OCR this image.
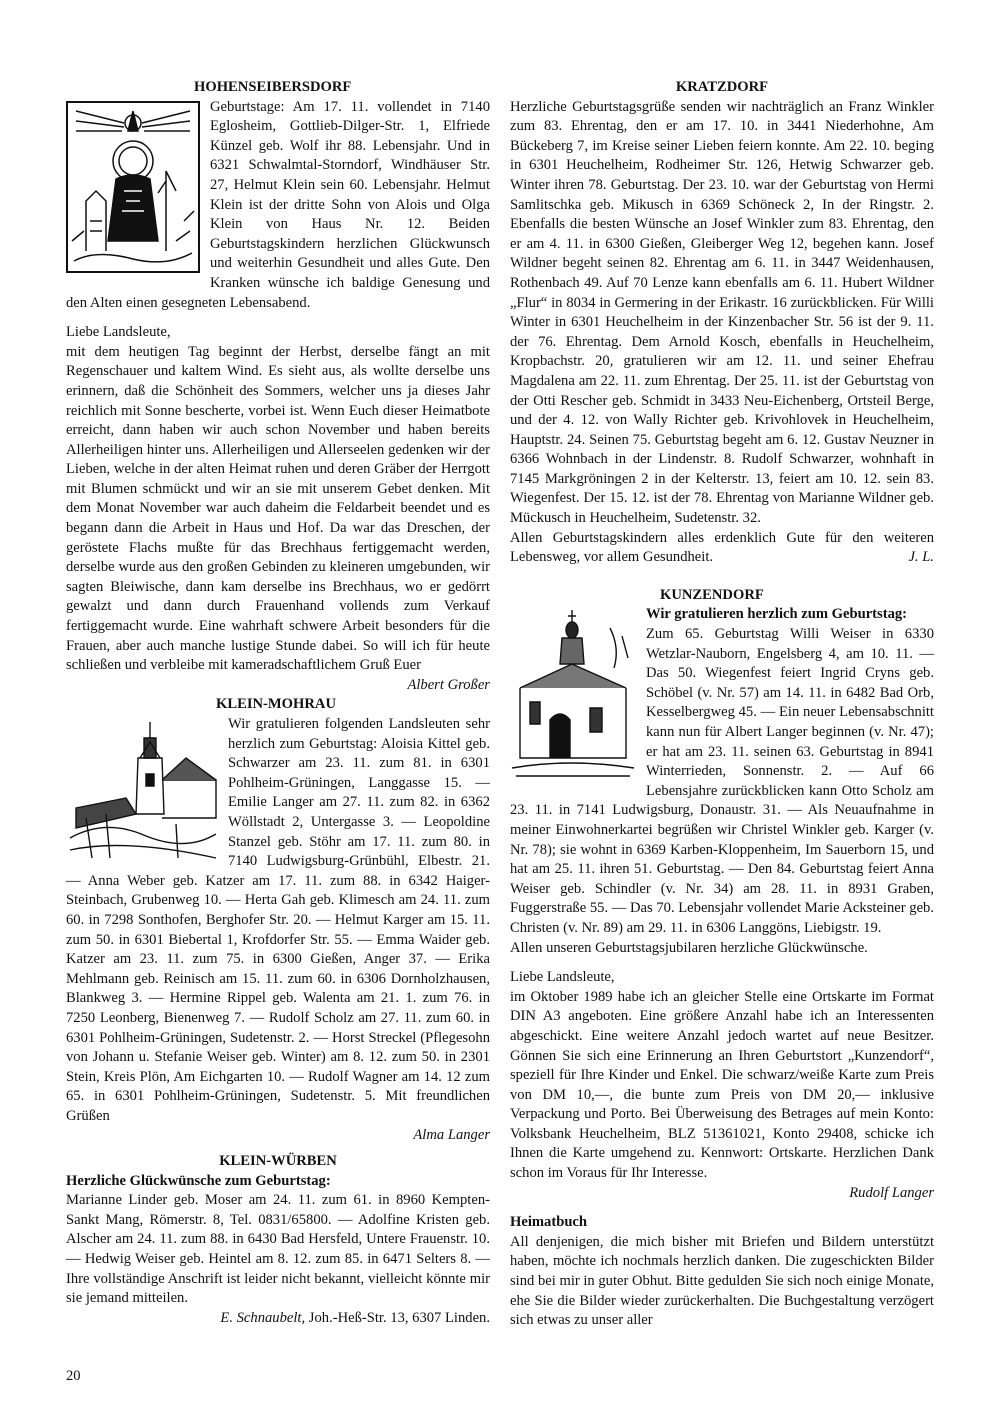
HOHENSEIBERSDORF

Geburtstage: Am 17. 11. vollendet in 7140 Eglosheim, Gottlieb-Dilger-Str. 1, Elfriede Künzel geb. Wolf ihr 88. Lebensjahr. Und in 6321 Schwalmtal-Storndorf, Windhäuser Str. 27, Helmut Klein sein 60. Lebensjahr. Helmut Klein ist der dritte Sohn von Alois und Olga Klein von Haus Nr. 12. Beiden Geburtstagskindern herzlichen Glückwunsch und weiterhin Gesundheit und alles Gute. Den Kranken wünsche ich baldige Genesung und den Alten einen gesegneten Lebensabend.

Liebe Landsleute,

mit dem heutigen Tag beginnt der Herbst, derselbe fängt an mit Regenschauer und kaltem Wind. Es sieht aus, als wollte derselbe uns erinnern, daß die Schönheit des Sommers, welcher uns ja dieses Jahr reichlich mit Sonne bescherte, vorbei ist. Wenn Euch dieser Heimatbote erreicht, dann haben wir auch schon November und haben bereits Allerheiligen hinter uns. Allerheiligen und Allerseelen gedenken wir der Lieben, welche in der alten Heimat ruhen und deren Gräber der Herrgott mit Blumen schmückt und wir an sie mit unserem Gebet denken. Mit dem Monat November war auch daheim die Feldarbeit beendet und es begann dann die Arbeit in Haus und Hof. Da war das Dreschen, der geröstete Flachs mußte für das Brechhaus fertiggemacht werden, derselbe wurde aus den großen Gebinden zu kleineren umgebunden, wir sagten Bleiwische, dann kam derselbe ins Brechhaus, wo er gedörrt gewalzt und dann durch Frauenhand vollends zum Verkauf fertiggemacht wurde. Eine wahrhaft schwere Arbeit besonders für die Frauen, aber auch manche lustige Stunde dabei. So will ich für heute schließen und verbleibe mit kameradschaftlichem Gruß Euer

Albert Großer

KLEIN-MOHRAU

Wir gratulieren folgenden Landsleuten sehr herzlich zum Geburtstag: Aloisia Kittel geb. Schwarzer am 23. 11. zum 81. in 6301 Pohlheim-Grüningen, Langgasse 15. — Emilie Langer am 27. 11. zum 82. in 6362 Wöllstadt 2, Untergasse 3. — Leopoldine Stanzel geb. Stöhr am 17. 11. zum 80. in 7140 Ludwigsburg-Grünbühl, Elbestr. 21. — Anna Weber geb. Katzer am 17. 11. zum 88. in 6342 Haiger-Steinbach, Grubenweg 10. — Herta Gah geb. Klimesch am 24. 11. zum 60. in 7298 Sonthofen, Berghofer Str. 20. — Helmut Karger am 15. 11. zum 50. in 6301 Biebertal 1, Krofdorfer Str. 55. — Emma Waider geb. Katzer am 23. 11. zum 75. in 6300 Gießen, Anger 37. — Erika Mehlmann geb. Reinisch am 15. 11. zum 60. in 6306 Dornholzhausen, Blankweg 3. — Hermine Rippel geb. Walenta am 21. 1. zum 76. in 7250 Leonberg, Bienenweg 7. — Rudolf Scholz am 27. 11. zum 60. in 6301 Pohlheim-Grüningen, Sudetenstr. 2. — Horst Streckel (Pflegesohn von Johann u. Stefanie Weiser geb. Winter) am 8. 12. zum 50. in 2301 Stein, Kreis Plön, Am Eichgarten 10. — Rudolf Wagner am 14. 12 zum 65. in 6301 Pohlheim-Grüningen, Sudetenstr. 5. Mit freundlichen Grüßen

Alma Langer

KLEIN-WÜRBEN
Herzliche Glückwünsche zum Geburtstag:

Marianne Linder geb. Moser am 24. 11. zum 61. in 8960 Kempten-Sankt Mang, Römerstr. 8, Tel. 0831/65800. — Adolfine Kristen geb. Alscher am 24. 11. zum 88. in 6430 Bad Hersfeld, Untere Frauenstr. 10. — Hedwig Weiser geb. Heintel am 8. 12. zum 85. in 6471 Selters 8. — Ihre vollständige Anschrift ist leider nicht bekannt, vielleicht könnte mir sie jemand mitteilen.

E. Schnaubelt, Joh.-Heß-Str. 13, 6307 Linden.

KRATZDORF

Herzliche Geburtstagsgrüße senden wir nachträglich an Franz Winkler zum 83. Ehrentag, den er am 17. 10. in 3441 Niederhohne, Am Bückeberg 7, im Kreise seiner Lieben feiern konnte. Am 22. 10. beging in 6301 Heuchelheim, Rodheimer Str. 126, Hetwig Schwarzer geb. Winter ihren 78. Geburtstag. Der 23. 10. war der Geburtstag von Hermi Samlitschka geb. Mikusch in 6369 Schöneck 2, In der Ringstr. 2. Ebenfalls die besten Wünsche an Josef Winkler zum 83. Ehrentag, den er am 4. 11. in 6300 Gießen, Gleiberger Weg 12, begehen kann. Josef Wildner begeht seinen 82. Ehrentag am 6. 11. in 3447 Weidenhausen, Rothenbach 49. Auf 70 Lenze kann ebenfalls am 6. 11. Hubert Wildner „Flur“ in 8034 in Germering in der Erikastr. 16 zurückblicken. Für Willi Winter in 6301 Heuchelheim in der Kinzenbacher Str. 56 ist der 9. 11. der 76. Ehrentag. Dem Arnold Kosch, ebenfalls in Heuchelheim, Kropbachstr. 20, gratulieren wir am 12. 11. und seiner Ehefrau Magdalena am 22. 11. zum Ehrentag. Der 25. 11. ist der Geburtstag von der Otti Rescher geb. Schmidt in 3433 Neu-Eichenberg, Ortsteil Berge, und der 4. 12. von Wally Richter geb. Krivohlovek in Heuchelheim, Hauptstr. 24. Seinen 75. Geburtstag begeht am 6. 12. Gustav Neuzner in 6366 Wohnbach in der Lindenstr. 8. Rudolf Schwarzer, wohnhaft in 7145 Markgröningen 2 in der Kelterstr. 13, feiert am 10. 12. sein 83. Wiegenfest. Der 15. 12. ist der 78. Ehrentag von Marianne Wildner geb. Mückusch in Heuchelheim, Sudetenstr. 32.

Allen Geburtstagskindern alles erdenklich Gute für den weiteren Lebensweg, vor allem Gesundheit.	J. L.

KUNZENDORF
Wir gratulieren herzlich zum Geburtstag:

Zum 65. Geburtstag Willi Weiser in 6330 Wetzlar-Nauborn, Engelsberg 4, am 10. 11. — Das 50. Wiegenfest feiert Ingrid Cryns geb. Schöbel (v. Nr. 57) am 14. 11. in 6482 Bad Orb, Kesselbergweg 45. — Ein neuer Lebensabschnitt kann nun für Albert Langer beginnen (v. Nr. 47); er hat am 23. 11. seinen 63. Geburtstag in 8941 Winterrieden, Sonnenstr. 2. — Auf 66 Lebensjahre zurückblicken kann Otto Scholz am 23. 11. in 7141 Ludwigsburg, Donaustr. 31. — Als Neuaufnahme in meiner Einwohnerkartei begrüßen wir Christel Winkler geb. Karger (v. Nr. 78); sie wohnt in 6369 Karben-Kloppenheim, Im Sauerborn 15, und hat am 25. 11. ihren 51. Geburtstag. — Den 84. Geburtstag feiert Anna Weiser geb. Schindler (v. Nr. 34) am 28. 11. in 8931 Graben, Fuggerstraße 55. — Das 70. Lebensjahr vollendet Marie Acksteiner geb. Christen (v. Nr. 89) am 29. 11. in 6306 Langgöns, Liebigstr. 19.

Allen unseren Geburtstagsjubilaren herzliche Glückwünsche.

Liebe Landsleute,

im Oktober 1989 habe ich an gleicher Stelle eine Ortskarte im Format DIN A3 angeboten. Eine größere Anzahl habe ich an Interessenten abgeschickt. Eine weitere Anzahl jedoch wartet auf neue Besitzer. Gönnen Sie sich eine Erinnerung an Ihren Geburtstort „Kunzendorf“, speziell für Ihre Kinder und Enkel. Die schwarz/weiße Karte zum Preis von DM 10,—, die bunte zum Preis von DM 20,— inklusive Verpackung und Porto. Bei Überweisung des Betrages auf mein Konto: Volksbank Heuchelheim, BLZ 51361021, Konto 29408, schicke ich Ihnen die Karte umgehend zu. Kennwort: Ortskarte. Herzlichen Dank schon im Voraus für Ihr Interesse.

Rudolf Langer

Heimatbuch

All denjenigen, die mich bisher mit Briefen und Bildern unterstützt haben, möchte ich nochmals herzlich danken. Die zugeschickten Bilder sind bei mir in guter Obhut. Bitte gedulden Sie sich noch einige Monate, ehe Sie die Bilder wieder zurückerhalten. Die Buchgestaltung verzögert sich etwas zu unser aller

20
